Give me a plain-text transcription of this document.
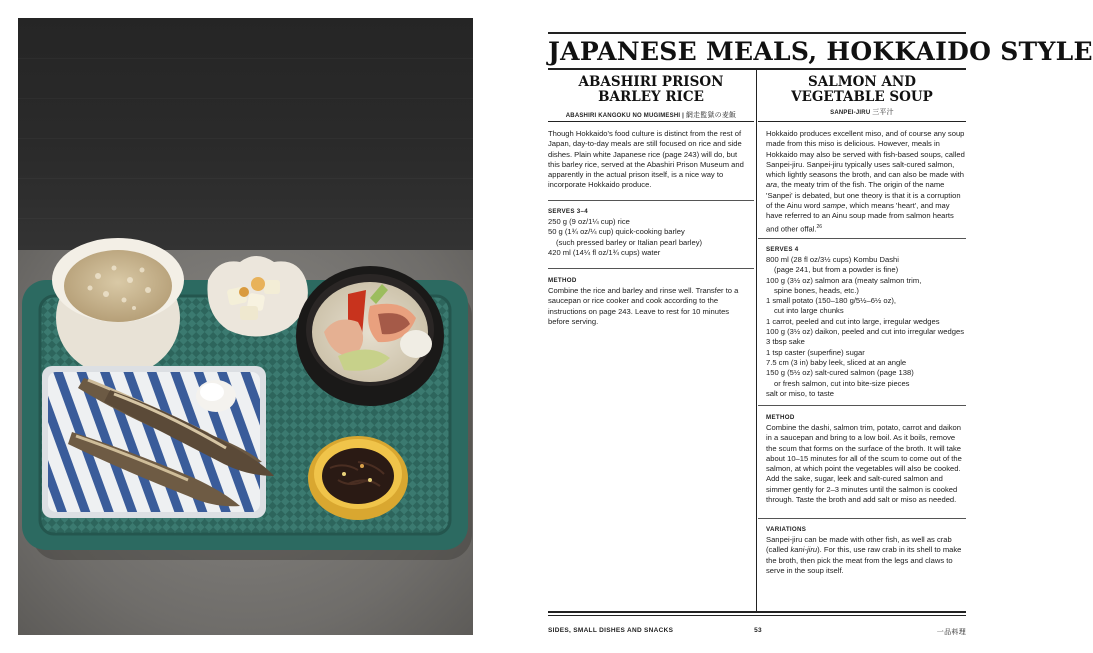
JAPANESE MEALS, HOKKAIDO STYLE
ABASHIRI PRISON
BARLEY RICE
ABASHIRI KANGOKU NO MUGIMESHI | 網走監獄の麦飯
SALMON AND
VEGETABLE SOUP
SANPEI-JIRU 三平汁

Though Hokkaido's food culture is distinct from the rest of Japan, day-to-day meals are still focused on rice and side dishes. Plain white Japanese rice (page 243) will do, but this barley rice, served at the Abashiri Prison Museum and apparently in the actual prison itself, is a nice way to incorporate Hokkaido produce.

SERVES 3–4

250 g (9 oz/1¼ cup) rice
50 g (1¾ oz/¼ cup) quick-cooking barley
(such pressed barley or Italian pearl barley)
420 ml (14¼ fl oz/1¾ cups) water

METHOD

Combine the rice and barley and rinse well. Transfer to a saucepan or rice cooker and cook according to the instructions on page 243. Leave to rest for 10 minutes before serving.

Hokkaido produces excellent miso, and of course any soup made from this miso is delicious. However, meals in Hokkaido may also be served with fish-based soups, called Sanpei-jiru. Sanpei-jiru typically uses salt-cured salmon, which lightly seasons the broth, and can also be made with ara, the meaty trim of the fish. The origin of the name 'Sanpei' is debated, but one theory is that it is a corruption of the Ainu word sampe, which means 'heart', and may have referred to an Ainu soup made from salmon hearts and other offal.$^{26}$

SERVES 4

800 ml (28 fl oz/3½ cups) Kombu Dashi
(page 241, but from a powder is fine)
100 g (3½ oz) salmon ara (meaty salmon trim,
spine bones, heads, etc.)
1 small potato (150–180 g/5½–6½ oz),
cut into large chunks
1 carrot, peeled and cut into large, irregular wedges
100 g (3½ oz) daikon, peeled and cut into irregular wedges
3 tbsp sake
1 tsp caster (superfine) sugar
7.5 cm (3 in) baby leek, sliced at an angle
150 g (5½ oz) salt-cured salmon (page 138)
or fresh salmon, cut into bite-size pieces
salt or miso, to taste

METHOD

Combine the dashi, salmon trim, potato, carrot and daikon in a saucepan and bring to a low boil. As it boils, remove the scum that forms on the surface of the broth. It will take about 10–15 minutes for all of the scum to come out of the salmon, at which point the vegetables will also be cooked. Add the sake, sugar, leek and salt-cured salmon and simmer gently for 2–3 minutes until the salmon is cooked through. Taste the broth and add salt or miso as needed.

VARIATIONS

Sanpei-jiru can be made with other fish, as well as crab (called kani-jiru). For this, use raw crab in its shell to make the broth, then pick the meat from the legs and claws to serve in the soup itself.

SIDES, SMALL DISHES AND SNACKS	53	一品料理
